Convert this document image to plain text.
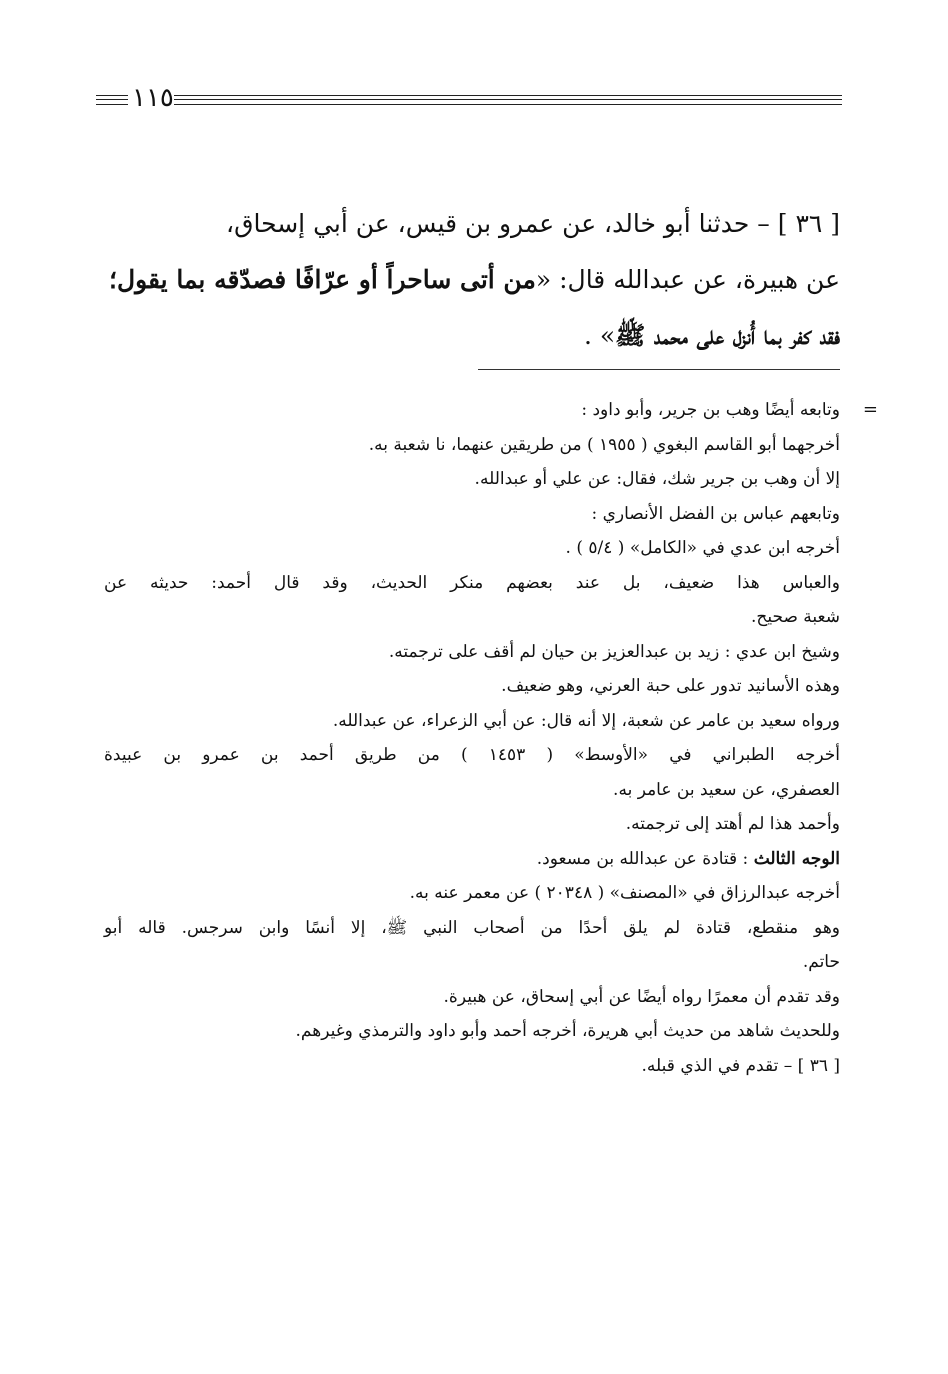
١١٥
[ ٣٦ ] – حدثنا أبو خالد، عن عمرو بن قيس، عن أبي إسحاق،
عن هبيرة، عن عبدالله قال: «من أتى ساحراً أو عرّافًا فصدّقه بما يقول؛
فقد كفر بما أُنزل على محمد ﷺ» .
=
وتابعه أيضًا وهب بن جرير، وأبو داود :
أخرجهما أبو القاسم البغوي ( ١٩٥٥ ) من طريقين عنهما، نا شعبة به.
إلا أن وهب بن جرير شك، فقال: عن علي أو عبدالله.
وتابعهم عباس بن الفضل الأنصاري :
أخرجه ابن عدي في «الكامل» ( ٥/٤ ) .
والعباس هذا ضعيف، بل عند بعضهم منكر الحديث، وقد قال أحمد: حديثه عن
شعبة صحيح.
وشيخ ابن عدي : زيد بن عبدالعزيز بن حيان لم أقف على ترجمته.
وهذه الأسانيد تدور على حبة العرني، وهو ضعيف.
ورواه سعيد بن عامر عن شعبة، إلا أنه قال: عن أبي الزعراء، عن عبدالله.
أخرجه الطبراني في «الأوسط» ( ١٤٥٣ ) من طريق أحمد بن عمرو بن عبيدة
العصفري، عن سعيد بن عامر به.
وأحمد هذا لم أهتد إلى ترجمته.
الوجه الثالث : قتادة عن عبدالله بن مسعود.
أخرجه عبدالرزاق في «المصنف» ( ٢٠٣٤٨ ) عن معمر عنه به.
وهو منقطع، قتادة لم يلق أحدًا من أصحاب النبي ﷺ، إلا أنسًا وابن سرجس. قاله أبو
حاتم.
وقد تقدم أن معمرًا رواه أيضًا عن أبي إسحاق، عن هبيرة.
وللحديث شاهد من حديث أبي هريرة، أخرجه أحمد وأبو داود والترمذي وغيرهم.
[ ٣٦ ] – تقدم في الذي قبله.
